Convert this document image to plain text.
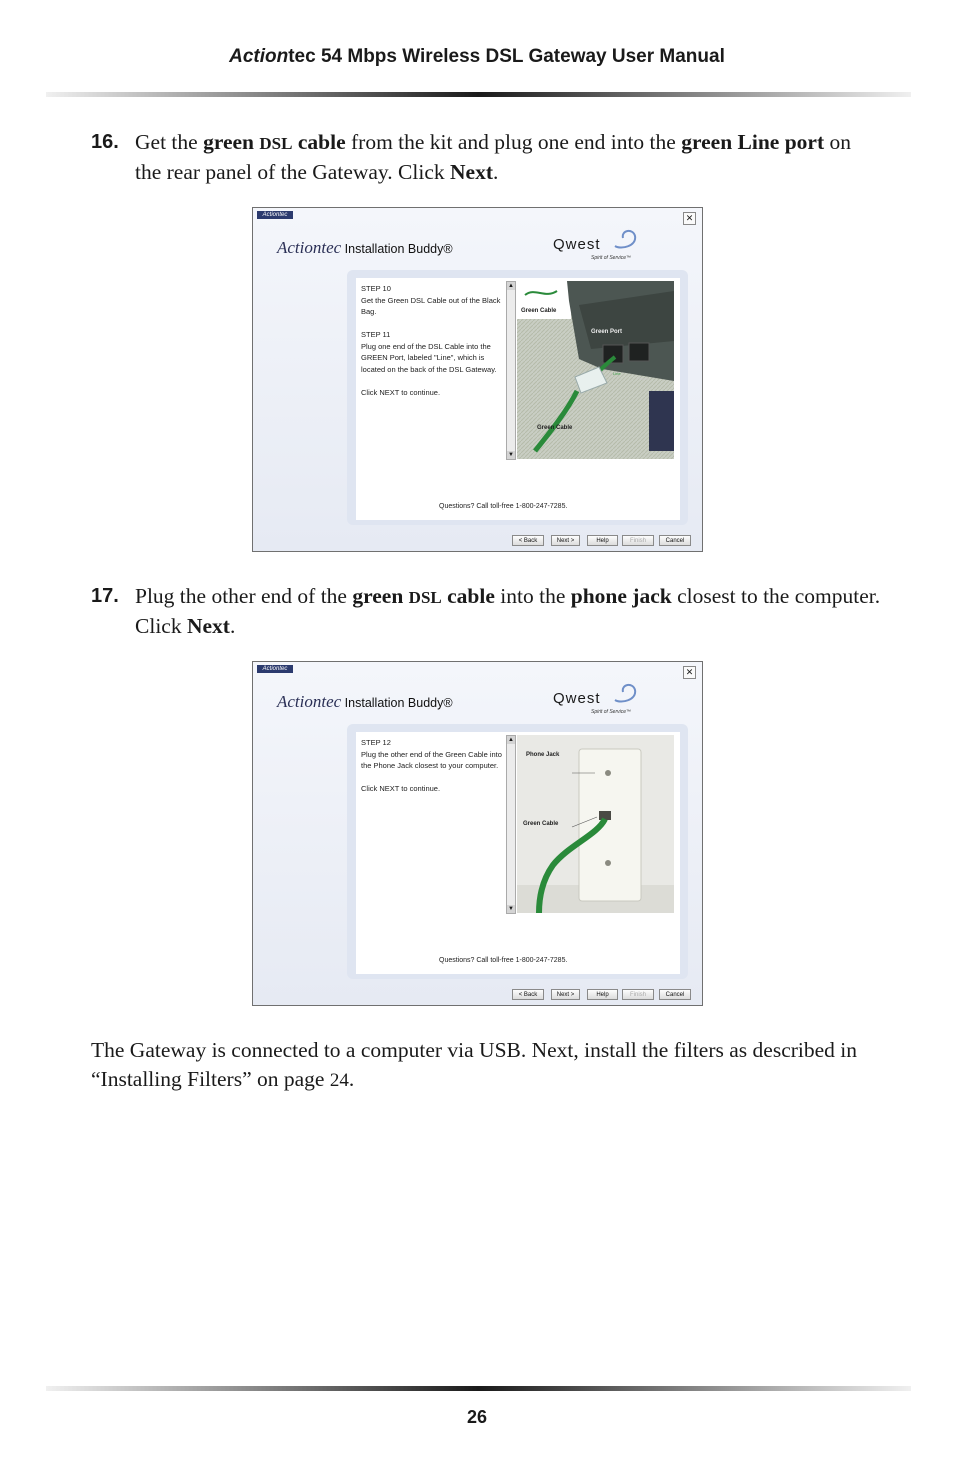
Actiontec 54 Mbps Wireless DSL Gateway User Manual
16. Get the green DSL cable from the kit and plug one end into the green Line port on the rear panel of the Gateway. Click Next.
Actiontec	✕
Actiontec Installation Buddy®	Qwest
Spirit of Service™
STEP 10
Get the Green DSL Cable out of the Black Bag.

STEP 11
Plug one end of the DSL Cable into the GREEN Port, labeled "Line", which is located on the back of the DSL Gateway.

Click NEXT to continue.
▲
▼
Green Cable
Green Port
Green Cable
Line
Phone
Questions? Call toll-free 1-800-247-7285.
< Back	Next >	Help	Finish	Cancel
17. Plug the other end of the green DSL cable into the phone jack closest to the computer. Click Next.
Actiontec	✕
Actiontec Installation Buddy®	Qwest
Spirit of Service™
STEP 12
Plug the other end of the Green Cable into the Phone Jack closest to your computer.

Click NEXT to continue.
▲
▼
Phone Jack
Green Cable
Questions? Call toll-free 1-800-247-7285.
< Back	Next >	Help	Finish	Cancel
The Gateway is connected to a computer via USB. Next, install the filters as described in “Installing Filters” on page 24.
26
